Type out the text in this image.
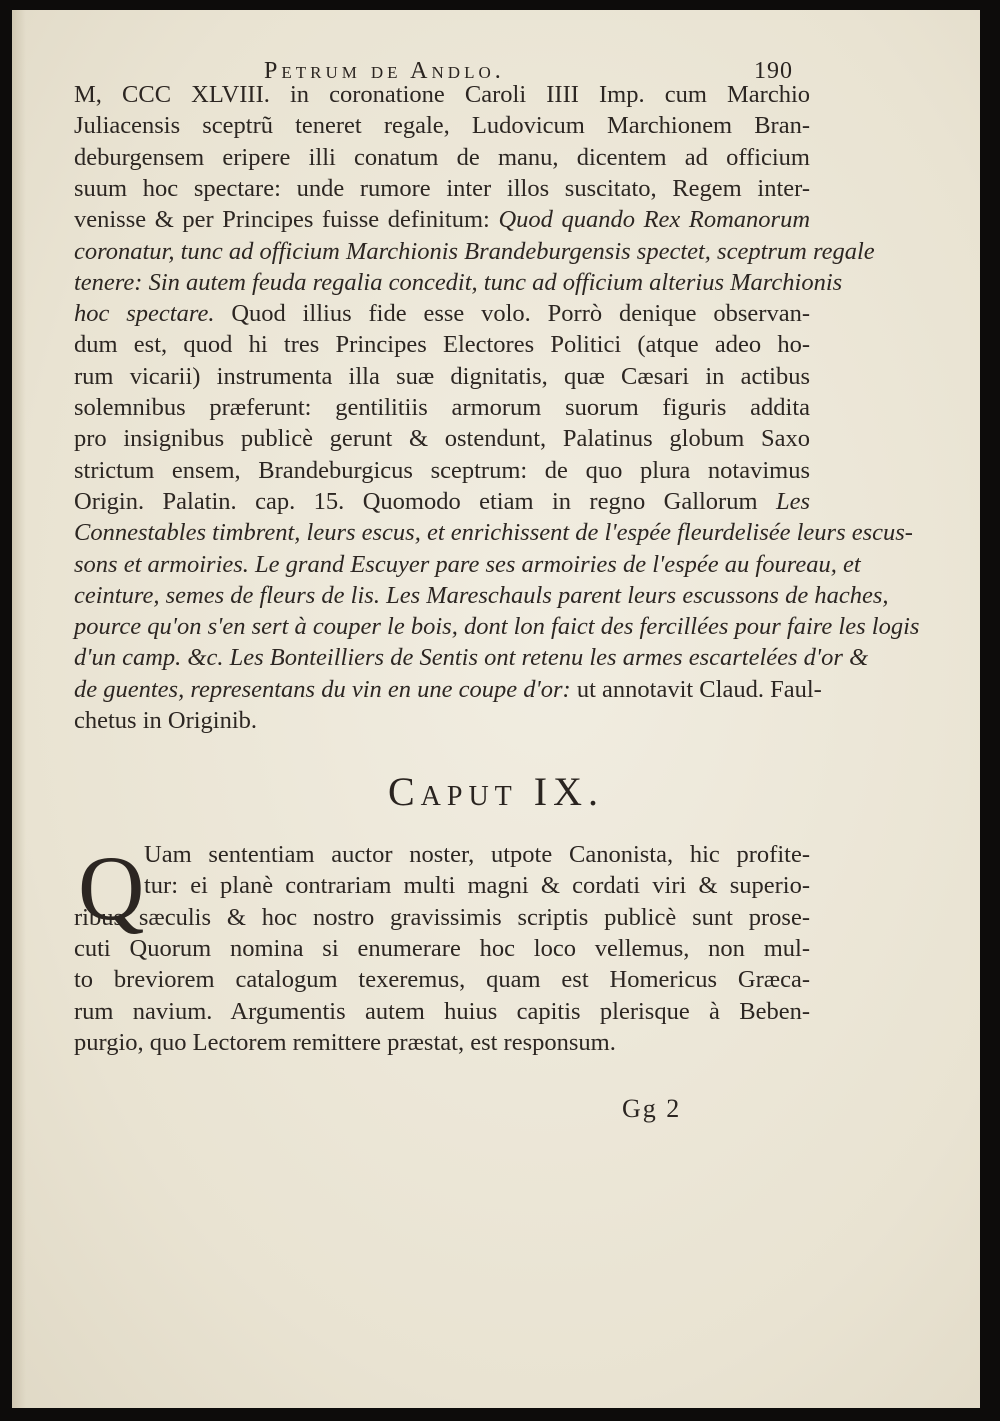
Petrum de Andlo.	190
M, CCC XLVIII. in coronatione Caroli IIII Imp. cum Marchio
Juliacensis sceptrũ teneret regale, Ludovicum Marchionem Bran-
deburgensem eripere illi conatum de manu, dicentem ad officium
suum hoc spectare: unde rumore inter illos suscitato, Regem inter-
venisse & per Principes fuisse definitum: Quod quando Rex Romanorum
coronatur, tunc ad officium Marchionis Brandeburgensis spectet, sceptrum regale
tenere: Sin autem feuda regalia concedit, tunc ad officium alterius Marchionis
hoc spectare. Quod illius fide esse volo. Porrò denique observan-
dum est, quod hi tres Principes Electores Politici (atque adeo ho-
rum vicarii) instrumenta illa suæ dignitatis, quæ Cæsari in actibus
solemnibus præferunt: gentilitiis armorum suorum figuris addita
pro insignibus publicè gerunt & ostendunt, Palatinus globum Saxo
strictum ensem, Brandeburgicus sceptrum: de quo plura notavimus
Origin. Palatin. cap. 15. Quomodo etiam in regno Gallorum Les
Connestables timbrent, leurs escus, et enrichissent de l'espée fleurdelisée leurs escus-
sons et armoiries. Le grand Escuyer pare ses armoiries de l'espée au foureau, et
ceinture, semes de fleurs de lis. Les Mareschauls parent leurs escussons de haches,
pource qu'on s'en sert à couper le bois, dont lon faict des fercillées pour faire les logis
d'un camp. &c. Les Bonteilliers de Sentis ont retenu les armes escartelées d'or &
de guentes, representans du vin en une coupe d'or: ut annotavit Claud. Faul-
chetus in Originib.
Caput IX.
Q Uam sententiam auctor noster, utpote Canonista, hic profite-
tur: ei planè contrariam multi magni & cordati viri & superio-
ribus sæculis & hoc nostro gravissimis scriptis publicè sunt prose-
cuti Quorum nomina si enumerare hoc loco vellemus, non mul-
to breviorem catalogum texeremus, quam est Homericus Græca-
rum navium. Argumentis autem huius capitis plerisque à Beben-
purgio, quo Lectorem remittere præstat, est responsum.
Gg 2
